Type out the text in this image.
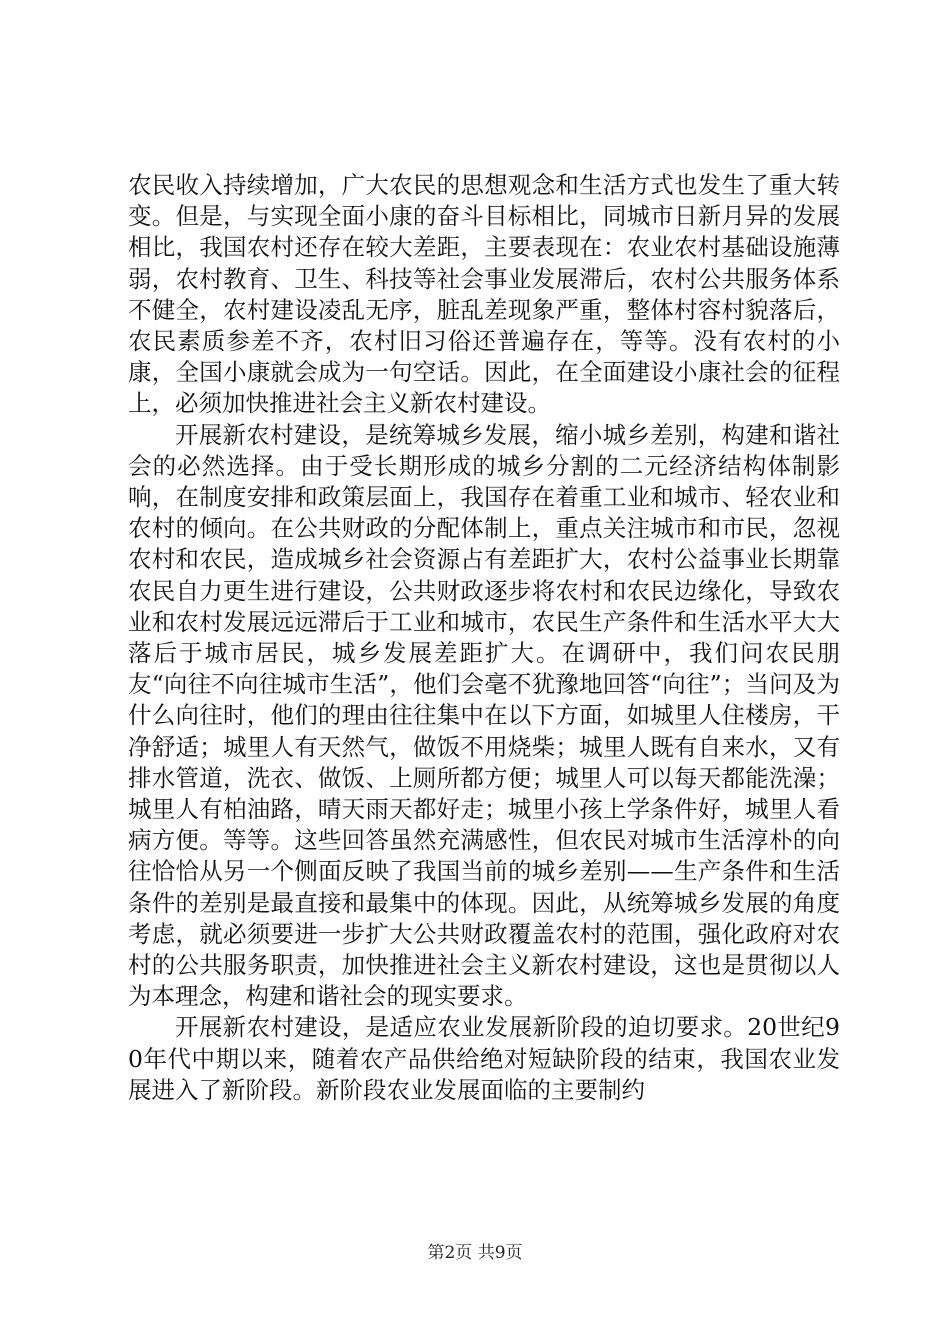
农民收入持续增加，广大农民的思想观念和生活方式也发生了重大转变。但是，与实现全面小康的奋斗目标相比，同城市日新月异的发展相比，我国农村还存在较大差距，主要表现在：农业农村基础设施薄弱，农村教育、卫生、科技等社会事业发展滞后，农村公共服务体系不健全，农村建设凌乱无序，脏乱差现象严重，整体村容村貌落后，农民素质参差不齐，农村旧习俗还普遍存在，等等。没有农村的小康，全国小康就会成为一句空话。因此，在全面建设小康社会的征程上，必须加快推进社会主义新农村建设。

开展新农村建设，是统筹城乡发展，缩小城乡差别，构建和谐社会的必然选择。由于受长期形成的城乡分割的二元经济结构体制影响，在制度安排和政策层面上，我国存在着重工业和城市、轻农业和农村的倾向。在公共财政的分配体制上，重点关注城市和市民，忽视农村和农民，造成城乡社会资源占有差距扩大，农村公益事业长期靠农民自力更生进行建设，公共财政逐步将农村和农民边缘化，导致农业和农村发展远远滞后于工业和城市，农民生产条件和生活水平大大落后于城市居民，城乡发展差距扩大。在调研中，我们问农民朋友“向往不向往城市生活”，他们会毫不犹豫地回答“向往”；当问及为什么向往时，他们的理由往往集中在以下方面，如城里人住楼房，干净舒适；城里人有天然气，做饭不用烧柴；城里人既有自来水，又有排水管道，洗衣、做饭、上厕所都方便；城里人可以每天都能洗澡；城里人有柏油路，晴天雨天都好走；城里小孩上学条件好，城里人看病方便。等等。这些回答虽然充满感性，但农民对城市生活淳朴的向往恰恰从另一个侧面反映了我国当前的城乡差别——生产条件和生活条件的差别是最直接和最集中的体现。因此，从统筹城乡发展的角度考虑，就必须要进一步扩大公共财政覆盖农村的范围，强化政府对农村的公共服务职责，加快推进社会主义新农村建设，这也是贯彻以人为本理念，构建和谐社会的现实要求。

开展新农村建设，是适应农业发展新阶段的迫切要求。20世纪90年代中期以来，随着农产品供给绝对短缺阶段的结束，我国农业发展进入了新阶段。新阶段农业发展面临的主要制约

第2页 共9页
